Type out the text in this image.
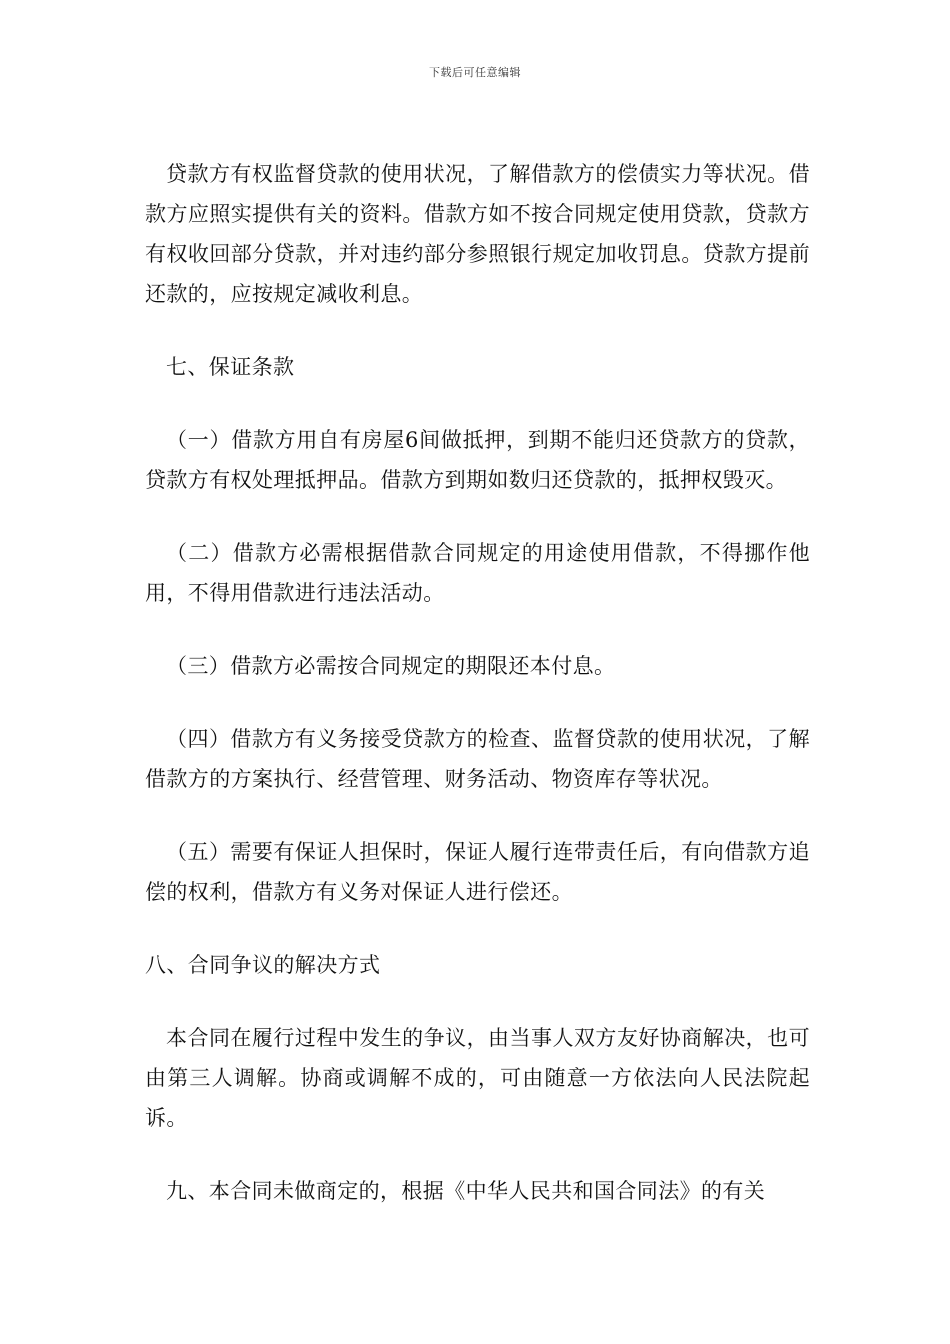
下载后可任意编辑

贷款方有权监督贷款的使用状况，了解借款方的偿债实力等状况。借款方应照实提供有关的资料。借款方如不按合同规定使用贷款，贷款方有权收回部分贷款，并对违约部分参照银行规定加收罚息。贷款方提前还款的，应按规定减收利息。

七、保证条款

（一）借款方用自有房屋6间做抵押，到期不能归还贷款方的贷款，贷款方有权处理抵押品。借款方到期如数归还贷款的，抵押权毁灭。

（二）借款方必需根据借款合同规定的用途使用借款，不得挪作他用，不得用借款进行违法活动。

（三）借款方必需按合同规定的期限还本付息。

（四）借款方有义务接受贷款方的检查、监督贷款的使用状况，了解借款方的方案执行、经营管理、财务活动、物资库存等状况。

（五）需要有保证人担保时，保证人履行连带责任后，有向借款方追偿的权利，借款方有义务对保证人进行偿还。

八、合同争议的解决方式

本合同在履行过程中发生的争议，由当事人双方友好协商解决，也可由第三人调解。协商或调解不成的，可由随意一方依法向人民法院起诉。

九、本合同未做商定的，根据《中华人民共和国合同法》的有关
